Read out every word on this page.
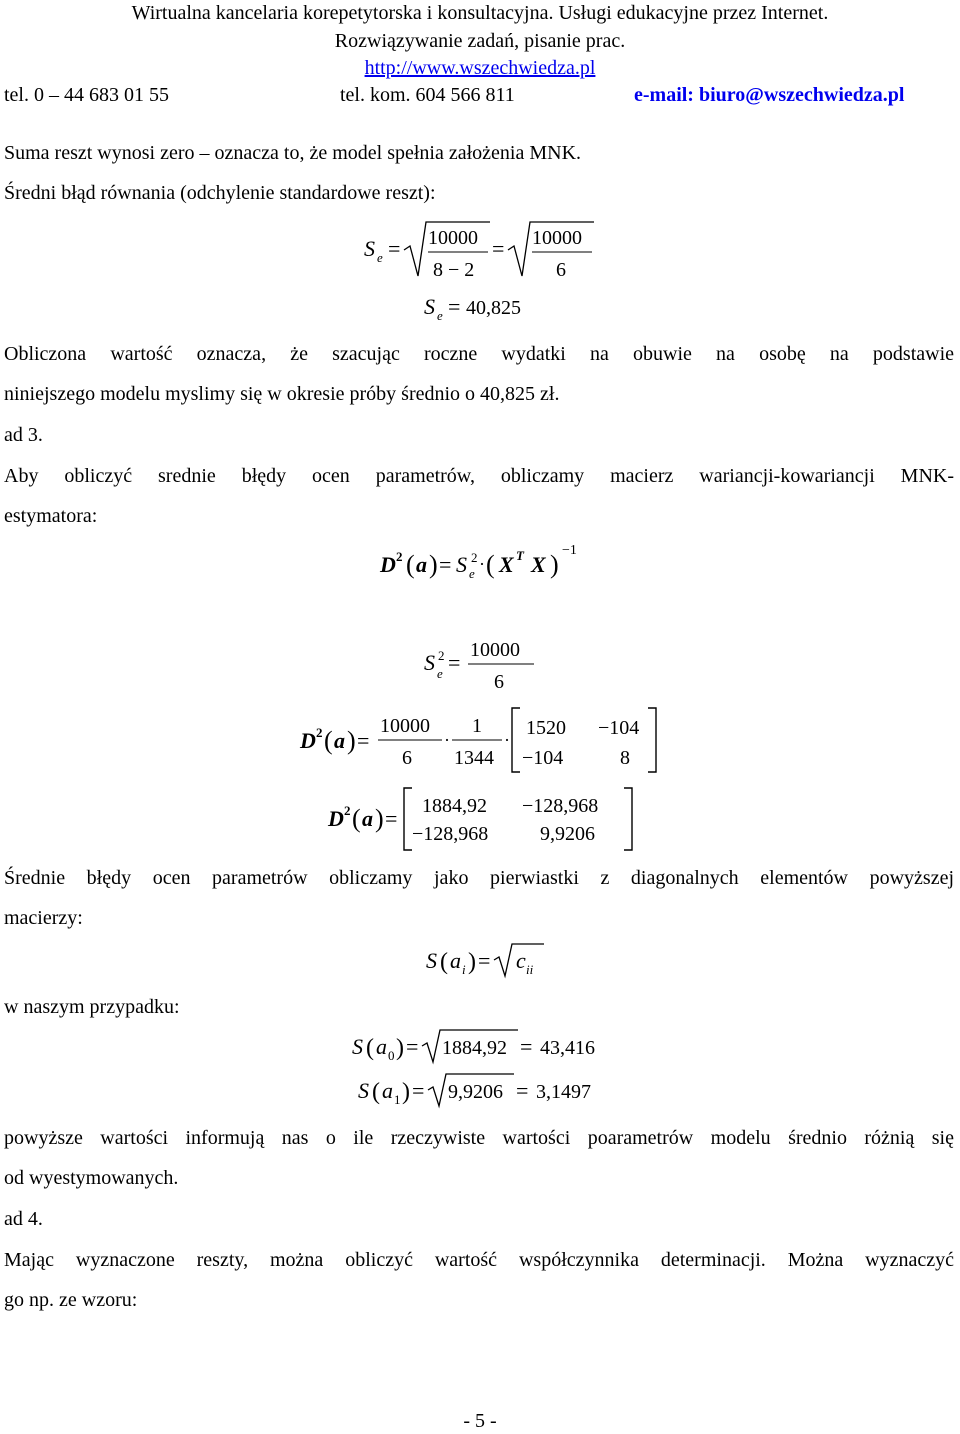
Wirtualna kancelaria korepetytorska i konsultacyjna. Usługi edukacyjne przez Internet.
Rozwiązywanie zadań, pisanie prac.
http://www.wszechwiedza.pl
tel. 0 – 44 683 01 55	tel. kom. 604 566 811	e-mail: biuro@wszechwiedza.pl
Suma reszt wynosi zero – oznacza to, że model spełnia założenia MNK.
Średni błąd równania (odchylenie standardowe reszt):
S e = 10000
8 − 2
= 10000
6
S e = 40,825
Obliczona wartość oznacza, że szacując roczne wydatki na obuwie na osobę na podstawie
niniejszego modelu myslimy się w okresie próby średnio o 40,825 zł.
ad 3.
Aby obliczyć srednie błędy ocen parametrów, obliczamy macierz wariancji-kowariancji MNK-
estymatora:
D 2 ( a ) = S 2
e · ( X T X ) −1
S 2
e = 10000
6
D 2 ( a ) =
10000
6
·
1
1344
·
1520 −104
−104	8
D 2 ( a ) = 1884,92 −128,968
−128,968	9,9206
Średnie błędy ocen parametrów obliczamy jako pierwiastki z diagonalnych elementów powyższej
macierzy:
S ( a i ) = c ii
w naszym przypadku:
S ( a 0 ) = 1884,92 = 43,416
S ( a 1 ) = 9,9206 = 3,1497
powyższe wartości informują nas o ile rzeczywiste wartości poarametrów modelu średnio różnią się
od wyestymowanych.
ad 4.
Mając wyznaczone reszty, można obliczyć wartość współczynnika determinacji. Można wyznaczyć
go np. ze wzoru:
- 5 -
